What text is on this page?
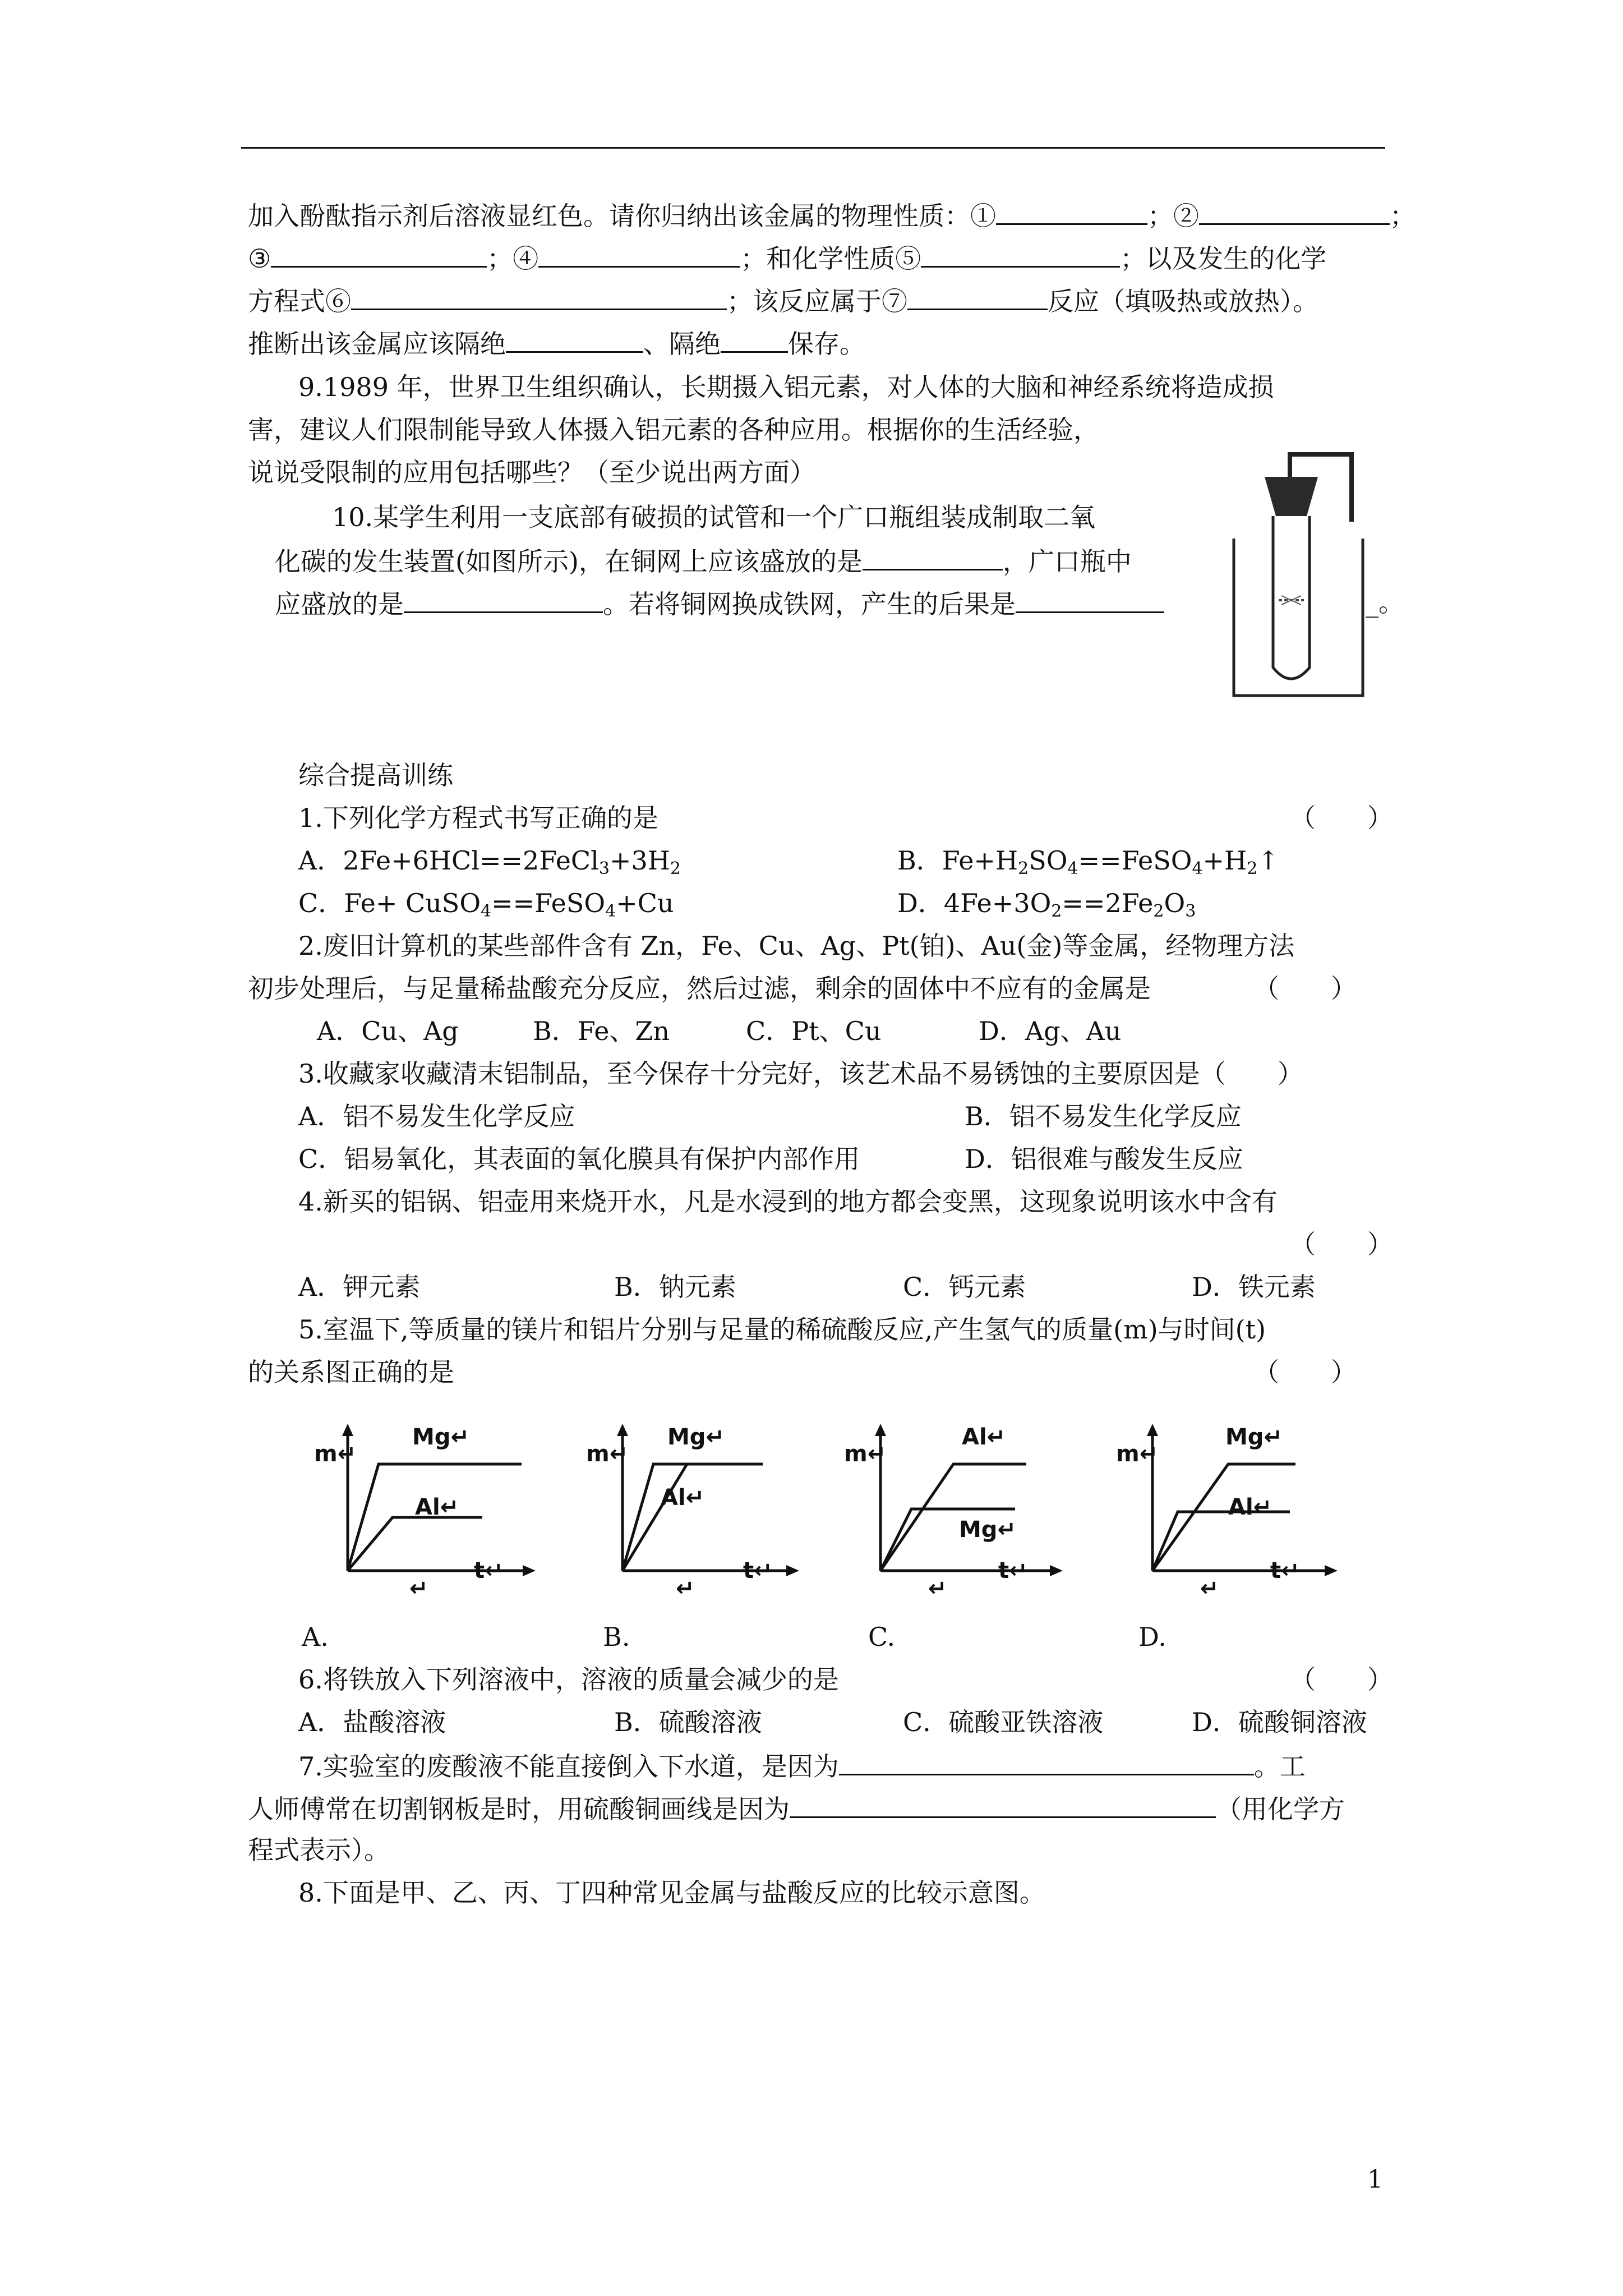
加入酚酞指示剂后溶液显红色。请你归纳出该金属的物理性质：①	；②	；
③	；④	；和化学性质⑤	；以及发生的化学
方程式⑥	；该反应属于⑦	反应（填吸热或放热）。
推断出该金属应该隔绝	、隔绝	保存。
9.1989 年，世界卫生组织确认，长期摄入铝元素，对人体的大脑和神经系统将造成损
害，建议人们限制能导致人体摄入铝元素的各种应用。根据你的生活经验，
说说受限制的应用包括哪些？（至少说出两方面）
10.某学生利用一支底部有破损的试管和一个广口瓶组装成制取二氧
化碳的发生装置(如图所示)，在铜网上应该盛放的是	，广口瓶中
应盛放的是	。若将铜网换成铁网，产生的后果是	_。
综合提高训练
1.下列化学方程式书写正确的是	（　　）
A．$2Fe+6HCl==2FeCl_3+3H_2$	B．$Fe+H_2SO_4==FeSO_4+H_2↑$
C．Fe+ CuSO$_4$==FeSO$_4$+Cu	D．$4Fe+3O_2==2Fe_2O_3$
2.废旧计算机的某些部件含有 Zn，Fe、Cu、Ag、Pt(铂)、Au(金)等金属，经物理方法
初步处理后，与足量稀盐酸充分反应，然后过滤，剩余的固体中不应有的金属是	（　　）
A．Cu、Ag	B．Fe、Zn	C．Pt、Cu	D．Ag、Au
3.收藏家收藏清末铝制品，至今保存十分完好，该艺术品不易锈蚀的主要原因是（　　）
A．铝不易发生化学反应	B．铝不易发生化学反应
C．铝易氧化，其表面的氧化膜具有保护内部作用	D．铝很难与酸发生反应
4.新买的铝锅、铝壶用来烧开水，凡是水浸到的地方都会变黑，这现象说明该水中含有
（　　）
A．钾元素	B．钠元素	C．钙元素	D．铁元素
5.室温下,等质量的镁片和铝片分别与足量的稀硫酸反应,产生氢气的质量(m)与时间(t)
的关系图正确的是	（　　）
m↵
Mg↵
Al↵
t↵
↵
m↵
Mg↵
Al↵
t↵
↵
m↵
Al↵
Mg↵
t↵
↵
m↵
Mg↵
Al↵
t↵
↵
A.	B.	C.	D.
6.将铁放入下列溶液中，溶液的质量会减少的是	（　　）
A．盐酸溶液	B．硫酸溶液	C．硫酸亚铁溶液	D．硫酸铜溶液
7.实验室的废酸液不能直接倒入下水道，是因为	。工
人师傅常在切割钢板是时，用硫酸铜画线是因为	（用化学方
程式表示）。
8.下面是甲、乙、丙、丁四种常见金属与盐酸反应的比较示意图。
1
